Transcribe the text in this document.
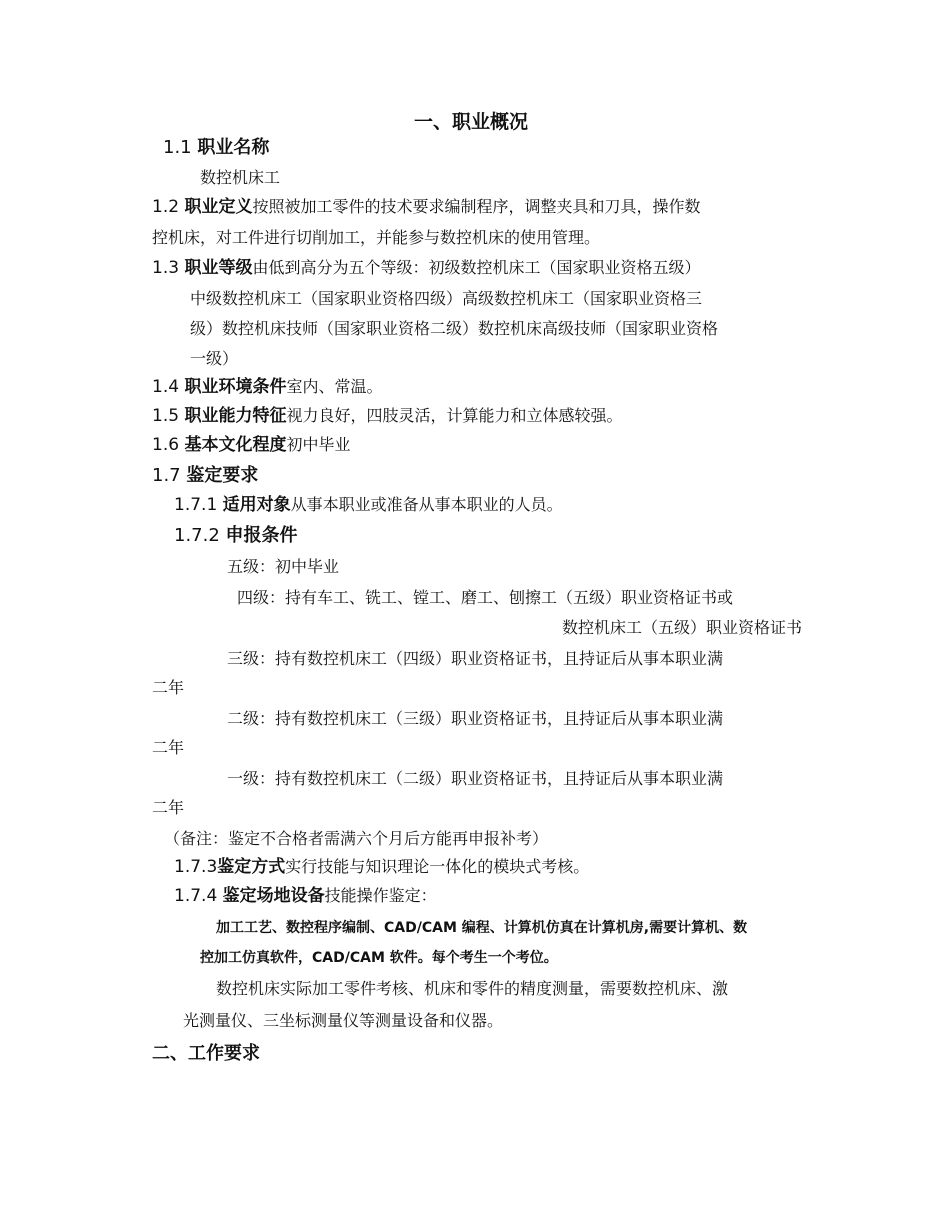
一、职业概况
1.1 职业名称
数控机床工
1.2 职业定义按照被加工零件的技术要求编制程序，调整夹具和刀具，操作数
控机床，对工件进行切削加工，并能参与数控机床的使用管理。
1.3 职业等级由低到高分为五个等级：初级数控机床工（国家职业资格五级）
中级数控机床工（国家职业资格四级）高级数控机床工（国家职业资格三
级）数控机床技师（国家职业资格二级）数控机床高级技师（国家职业资格
一级）
1.4 职业环境条件室内、常温。
1.5 职业能力特征视力良好，四肢灵活，计算能力和立体感较强。
1.6 基本文化程度初中毕业
1.7 鉴定要求
1.7.1 适用对象从事本职业或准备从事本职业的人员。
1.7.2 申报条件
五级：初中毕业
四级：持有车工、铣工、镗工、磨工、刨擦工（五级）职业资格证书或
数控机床工（五级）职业资格证书
三级：持有数控机床工（四级）职业资格证书，且持证后从事本职业满
二年
二级：持有数控机床工（三级）职业资格证书，且持证后从事本职业满
二年
一级：持有数控机床工（二级）职业资格证书，且持证后从事本职业满
二年
（备注：鉴定不合格者需满六个月后方能再申报补考）
1.7.3鉴定方式实行技能与知识理论一体化的模块式考核。
1.7.4 鉴定场地设备技能操作鉴定：
加工工艺、数控程序编制、CAD/CAM 编程、计算机仿真在计算机房,需要计算机、数
控加工仿真软件，CAD/CAM 软件。每个考生一个考位。
数控机床实际加工零件考核、机床和零件的精度测量，需要数控机床、激
光测量仪、三坐标测量仪等测量设备和仪器。
二、工作要求
